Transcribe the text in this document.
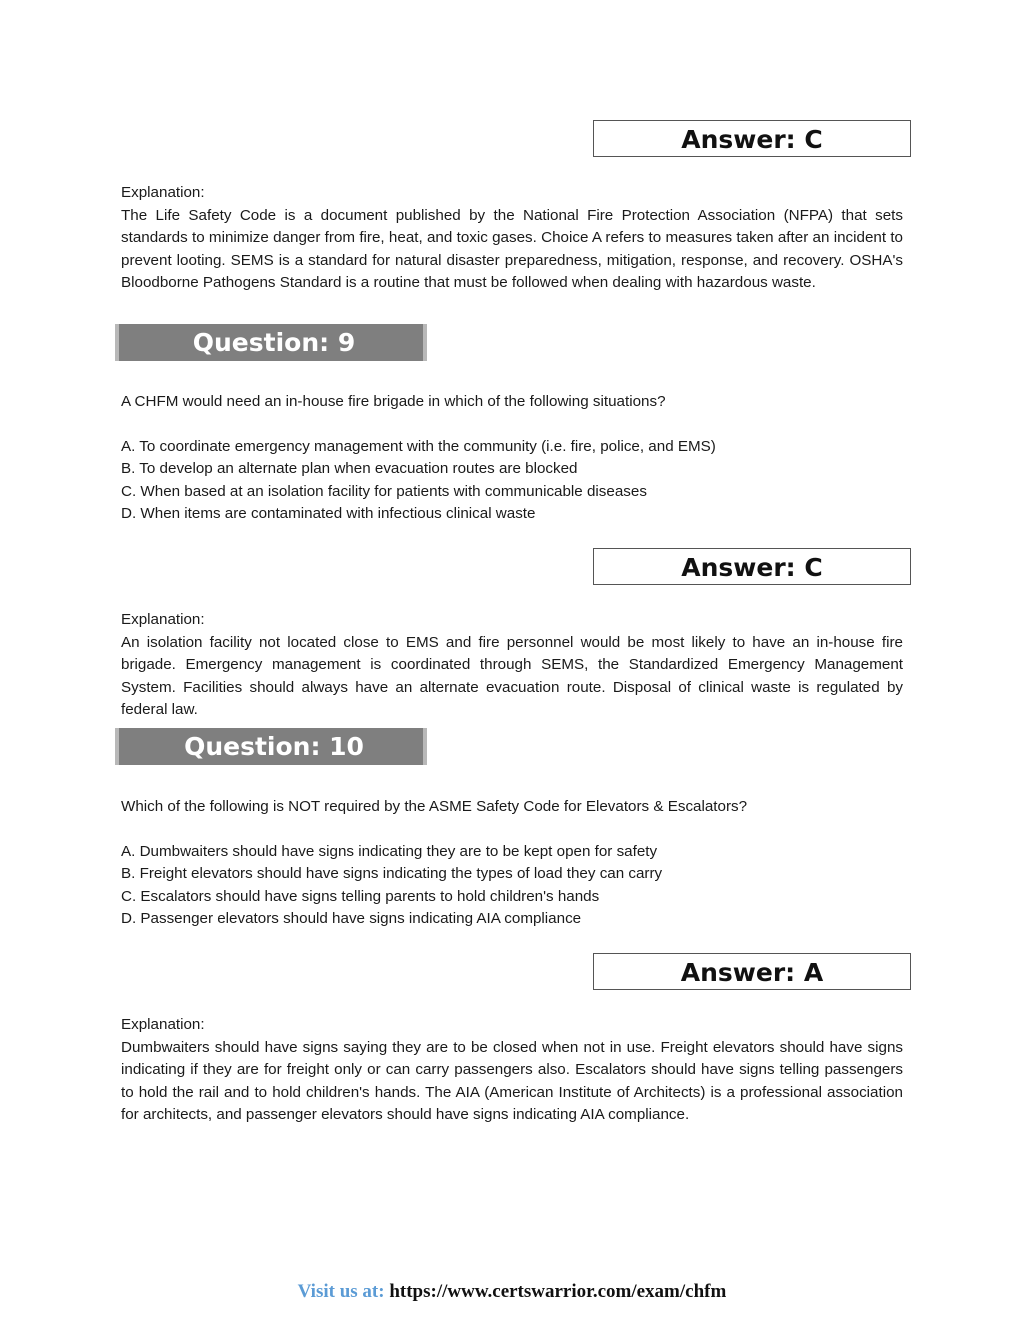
Answer: C
Explanation:
The Life Safety Code is a document published by the National Fire Protection Association (NFPA) that sets standards to minimize danger from fire, heat, and toxic gases. Choice A refers to measures taken after an incident to prevent looting. SEMS is a standard for natural disaster preparedness, mitigation, response, and recovery. OSHA's Bloodborne Pathogens Standard is a routine that must be followed when dealing with hazardous waste.
Question: 9
A CHFM would need an in-house fire brigade in which of the following situations?
A. To coordinate emergency management with the community (i.e. fire, police, and EMS)
B. To develop an alternate plan when evacuation routes are blocked
C. When based at an isolation facility for patients with communicable diseases
D. When items are contaminated with infectious clinical waste
Answer: C
Explanation:
An isolation facility not located close to EMS and fire personnel would be most likely to have an in-house fire brigade. Emergency management is coordinated through SEMS, the Standardized Emergency Management System. Facilities should always have an alternate evacuation route. Disposal of clinical waste is regulated by federal law.
Question: 10
Which of the following is NOT required by the ASME Safety Code for Elevators & Escalators?
A. Dumbwaiters should have signs indicating they are to be kept open for safety
B. Freight elevators should have signs indicating the types of load they can carry
C. Escalators should have signs telling parents to hold children's hands
D. Passenger elevators should have signs indicating AIA compliance
Answer: A
Explanation:
Dumbwaiters should have signs saying they are to be closed when not in use. Freight elevators should have signs indicating if they are for freight only or can carry passengers also. Escalators should have signs telling passengers to hold the rail and to hold children's hands. The AIA (American Institute of Architects) is a professional association for architects, and passenger elevators should have signs indicating AIA compliance.
Visit us at: https://www.certswarrior.com/exam/chfm
